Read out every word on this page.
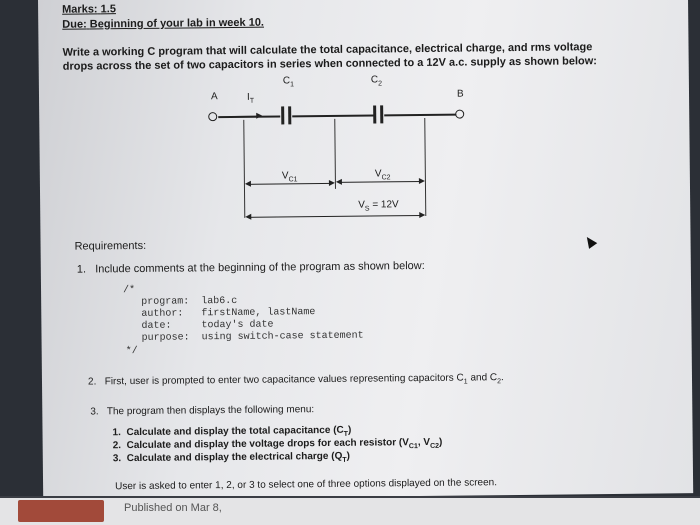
Marks: 1.5
Due: Beginning of your lab in week 10.
Write a working C program that will calculate the total capacitance, electrical charge, and rms voltage
drops across the set of two capacitors in series when connected to a 12V a.c. supply as shown below:
$C_1$	$C_2$
A	B
$I_T$
$V_{C1}$
$V_{C2}$
$V_S = 12V$
Requirements:
1. Include comments at the beginning of the program as shown below:
/*
program:  lab6.c
author:   firstName, lastName
date:     today's date
purpose:  using switch-case statement
*/
2. First, user is prompted to enter two capacitance values representing capacitors $C_1$ and $C_2$.
3. The program then displays the following menu:
1. Calculate and display the total capacitance $(C_T)$
2. Calculate and display the voltage drops for each resistor ($V_{C1}$, $V_{C2}$)
3. Calculate and display the electrical charge $(Q_T)$
User is asked to enter 1, 2, or 3 to select one of three options displayed on the screen.
Published on Mar 8,
